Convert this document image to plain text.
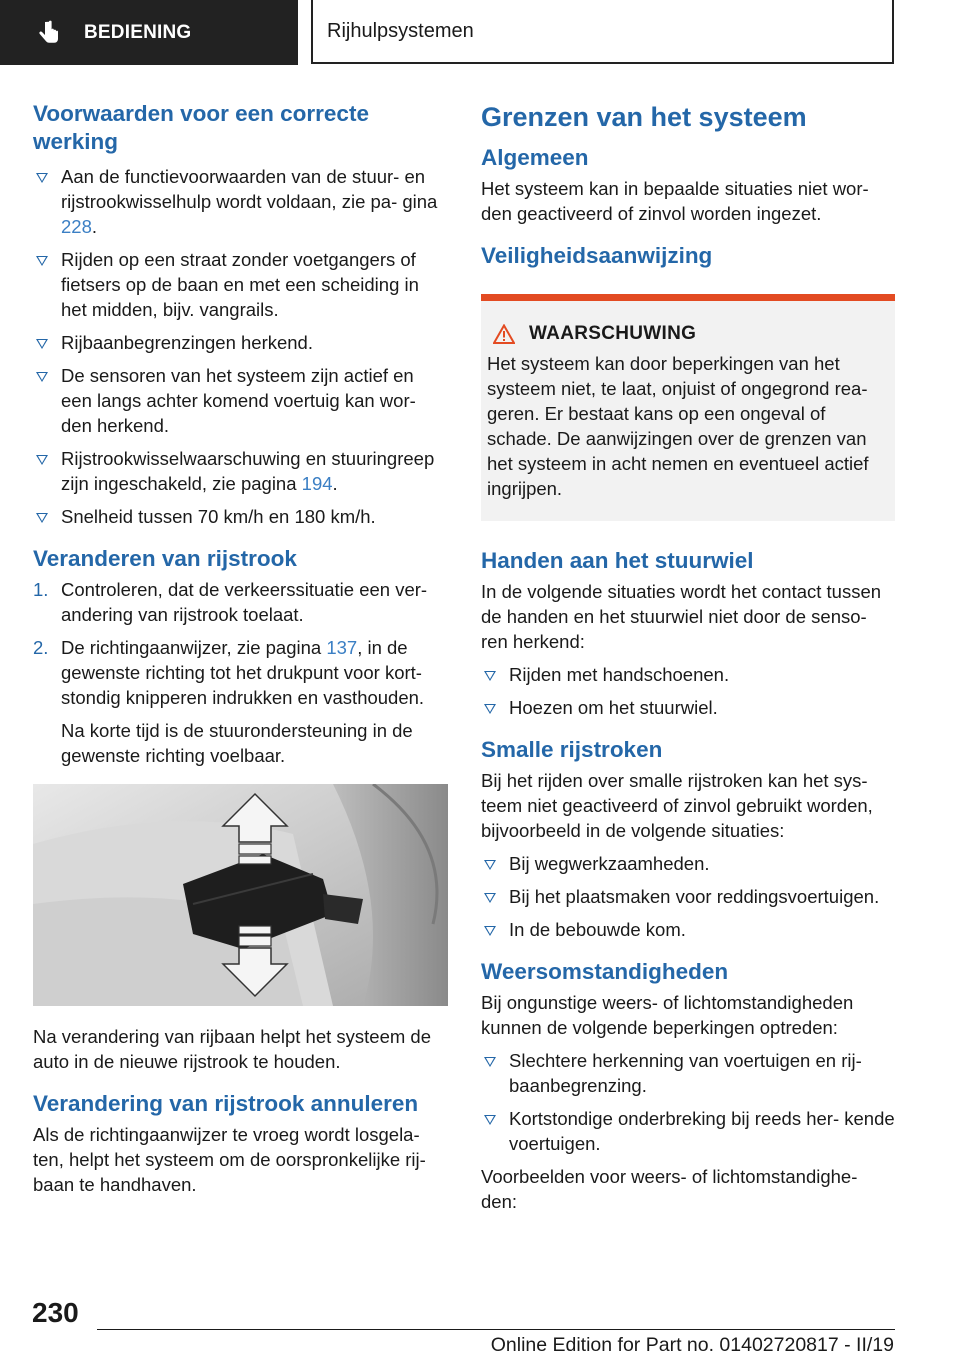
BEDIENING	Rijhulpsystemen
Voorwaarden voor een correcte werking
Aan de functievoorwaarden van de stuur- en rijstrookwisselhulp wordt voldaan, zie pa‐ gina 228.
Rijden op een straat zonder voetgangers of fietsers op de baan en met een scheiding in het midden, bijv. vangrails.
Rijbaanbegrenzingen herkend.
De sensoren van het systeem zijn actief en een langs achter komend voertuig kan wor‐ den herkend.
Rijstrookwisselwaarschuwing en stuuringreep zijn ingeschakeld, zie pagina 194.
Snelheid tussen 70 km/h en 180 km/h.
Veranderen van rijstrook
1. Controleren, dat de verkeerssituatie een ver‐ andering van rijstrook toelaat.
2. De richtingaanwijzer, zie pagina 137, in de gewenste richting tot het drukpunt voor kort‐ stondig knipperen indrukken en vasthouden.
Na korte tijd is de stuurondersteuning in de gewenste richting voelbaar.

Na verandering van rijbaan helpt het systeem de auto in de nieuwe rijstrook te houden.

Verandering van rijstrook annuleren

Als de richtingaanwijzer te vroeg wordt losgela‐ ten, helpt het systeem om de oorspronkelijke rij‐ baan te handhaven.

Grenzen van het systeem
Algemeen

Het systeem kan in bepaalde situaties niet wor‐ den geactiveerd of zinvol worden ingezet.

Veiligheidsaanwijzing
WAARSCHUWING

Het systeem kan door beperkingen van het systeem niet, te laat, onjuist of ongegrond rea‐ geren. Er bestaat kans op een ongeval of schade. De aanwijzingen over de grenzen van het systeem in acht nemen en eventueel actief ingrijpen.

Handen aan het stuurwiel

In de volgende situaties wordt het contact tussen de handen en het stuurwiel niet door de senso‐ ren herkend:

Rijden met handschoenen.
Hoezen om het stuurwiel.
Smalle rijstroken

Bij het rijden over smalle rijstroken kan het sys‐ teem niet geactiveerd of zinvol gebruikt worden, bijvoorbeeld in de volgende situaties:

Bij wegwerkzaamheden.
Bij het plaatsmaken voor reddingsvoertuigen.
In de bebouwde kom.
Weersomstandigheden

Bij ongunstige weers- of lichtomstandigheden kunnen de volgende beperkingen optreden:

Slechtere herkenning van voertuigen en rij‐ baanbegrenzing.
Kortstondige onderbreking bij reeds her‐ kende voertuigen.

Voorbeelden voor weers- of lichtomstandighe‐ den:

230
Online Edition for Part no. 01402720817 - II/19
